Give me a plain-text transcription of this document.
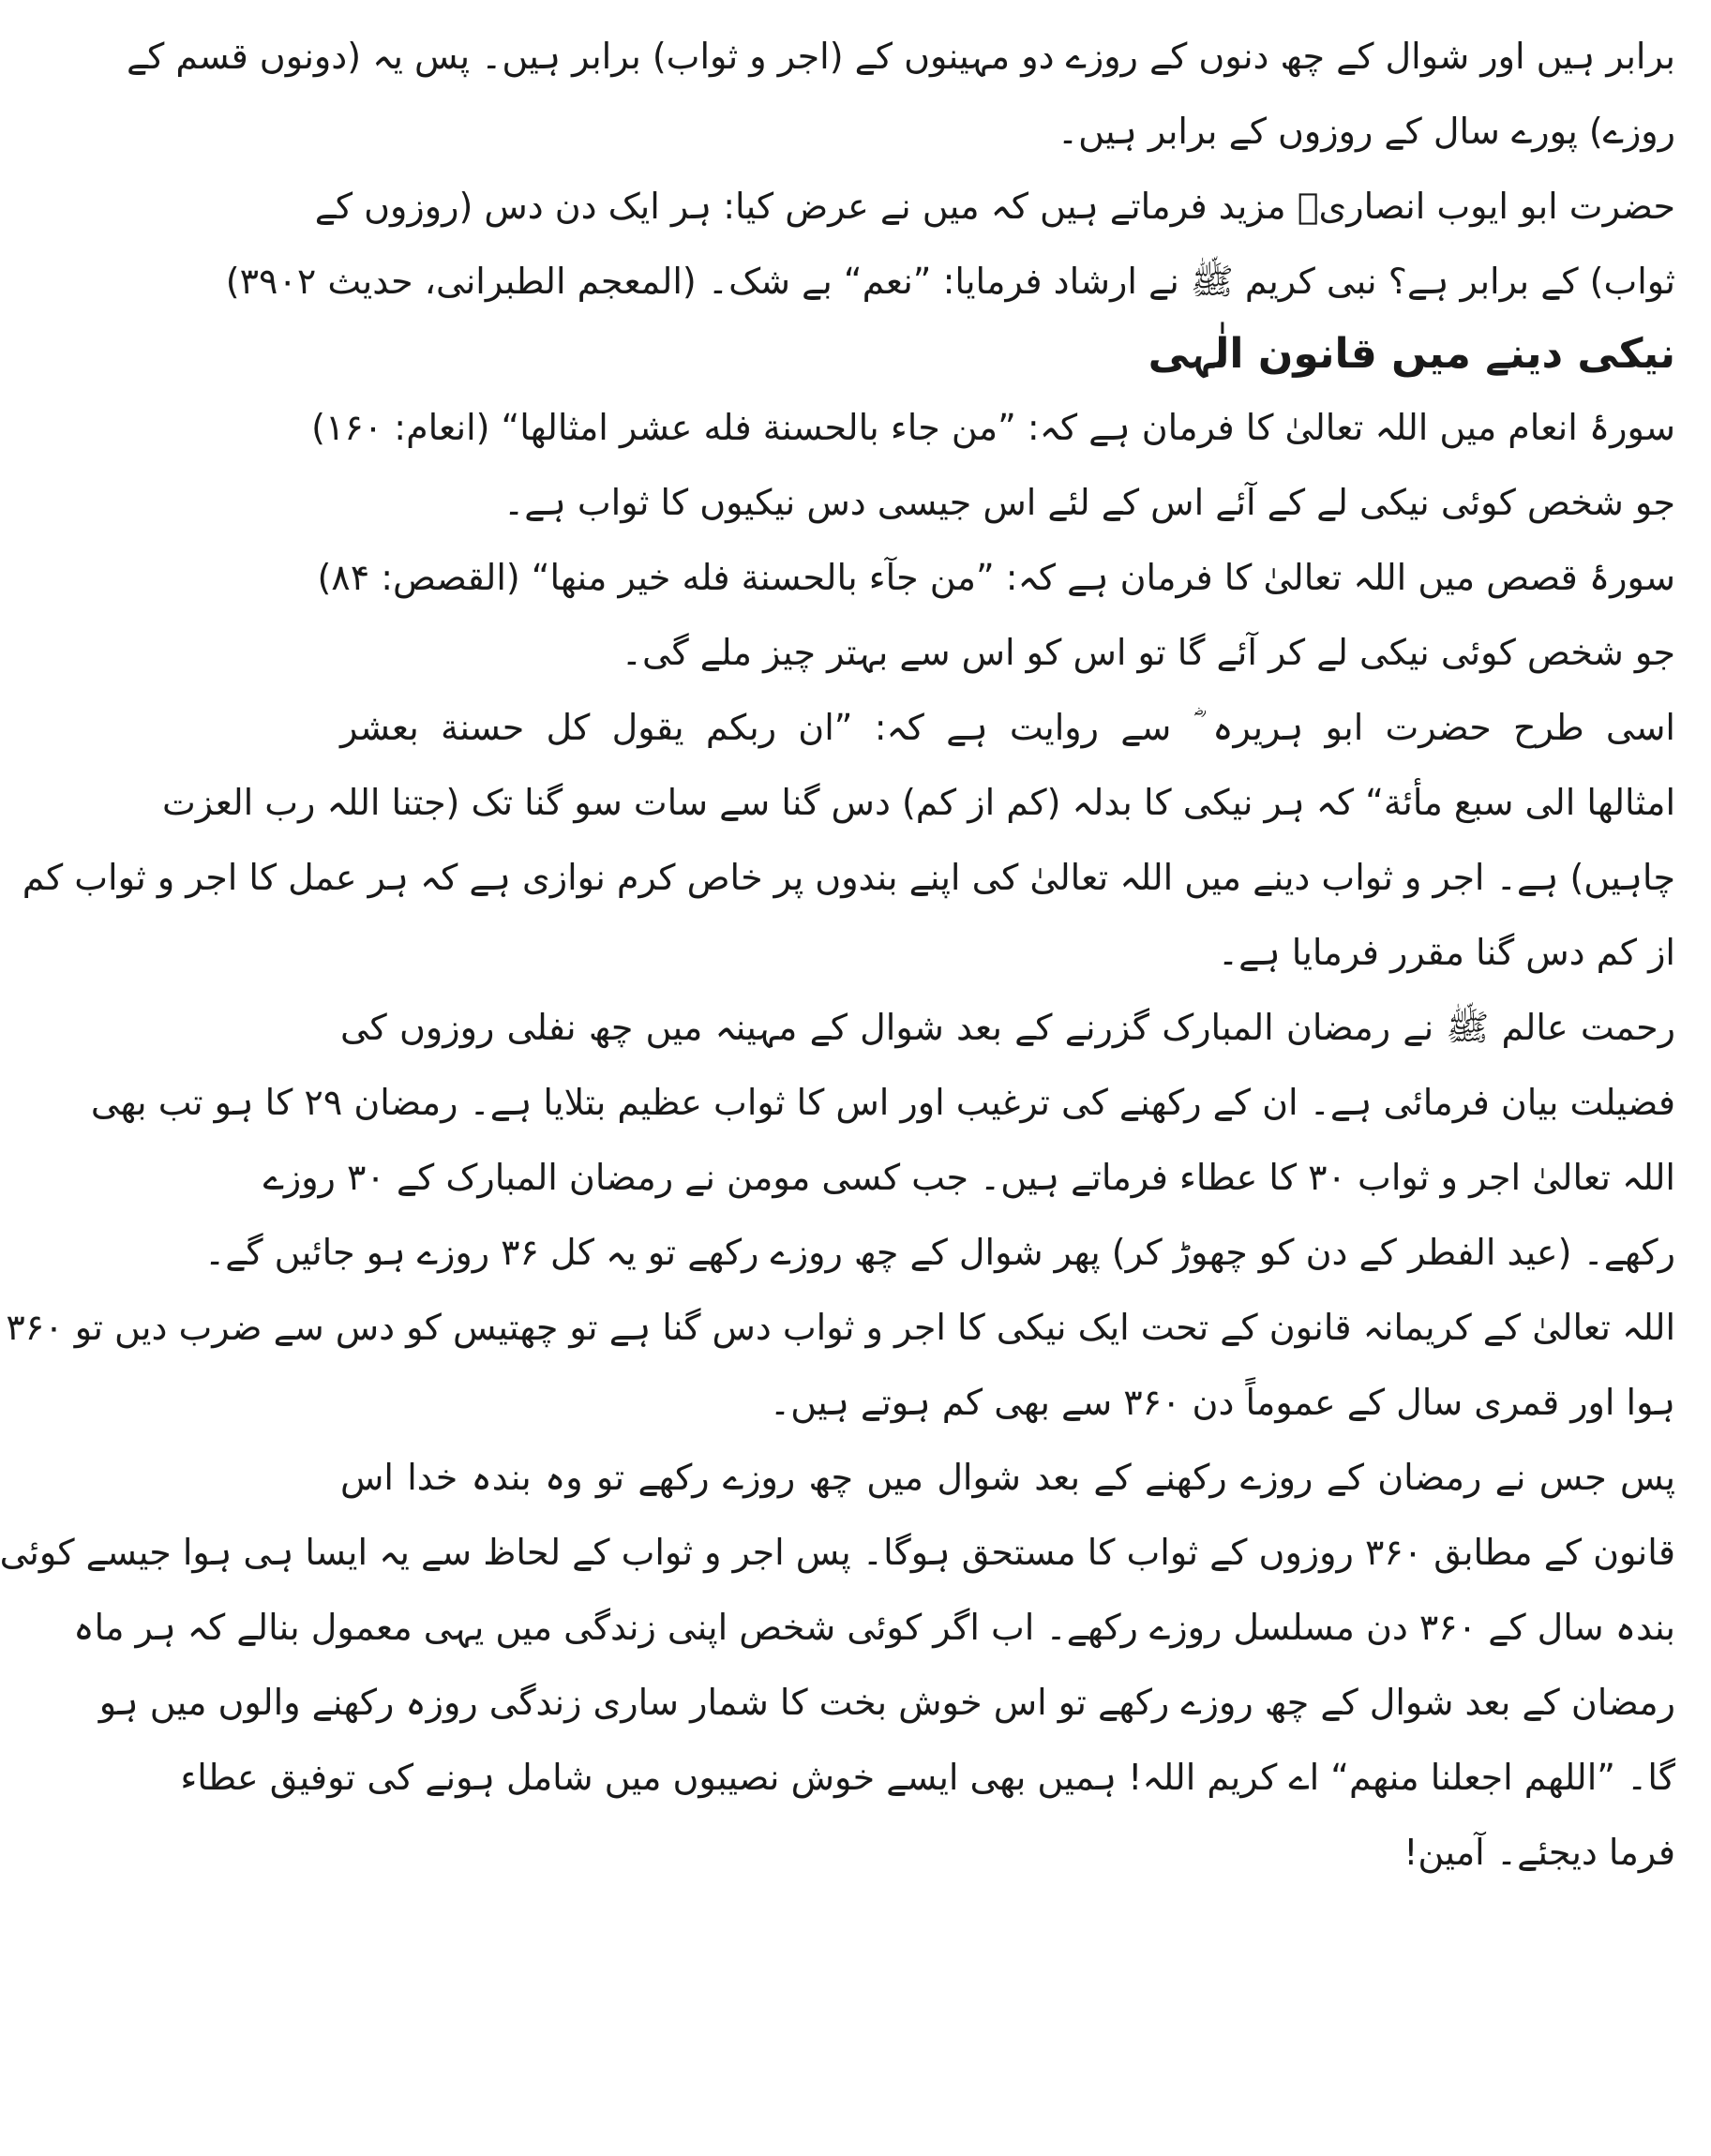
برابر ہیں اور شوال کے چھ دنوں کے روزے دو مہینوں کے (اجر و ثواب) برابر ہیں۔ پس یہ (دونوں قسم کے
روزے) پورے سال کے روزوں کے برابر ہیں۔
حضرت ابو ایوب انصاریؓ مزید فرماتے ہیں کہ میں نے عرض کیا: ہر ایک دن دس (روزوں کے
ثواب) کے برابر ہے؟ نبی کریم ﷺ نے ارشاد فرمایا: ”نعم“ بے شک۔ (المعجم الطبرانی، حدیث ۳۹۰۲)
نیکی دینے میں قانون الٰہی
سورۂ انعام میں اللہ تعالیٰ کا فرمان ہے کہ: ”من جاء بالحسنة فله عشر امثالها“ (انعام: ۱۶۰)
جو شخص کوئی نیکی لے کے آئے اس کے لئے اس جیسی دس نیکیوں کا ثواب ہے۔
سورۂ قصص میں اللہ تعالیٰ کا فرمان ہے کہ: ”من جآء بالحسنة فله خير منها“ (القصص: ۸۴)
جو شخص کوئی نیکی لے کر آئے گا تو اس کو اس سے بہتر چیز ملے گی۔
اسی طرح حضرت ابو ہریرہ ؓ سے روایت ہے کہ: ”ان ربكم يقول كل حسنة بعشر
امثالها الی سبع مأئة“ کہ ہر نیکی کا بدلہ (کم از کم) دس گنا سے سات سو گنا تک (جتنا اللہ رب العزت
چاہیں) ہے۔ اجر و ثواب دینے میں اللہ تعالیٰ کی اپنے بندوں پر خاص کرم نوازی ہے کہ ہر عمل کا اجر و ثواب کم
از کم دس گنا مقرر فرمایا ہے۔
رحمت عالم ﷺ نے رمضان المبارک گزرنے کے بعد شوال کے مہینہ میں چھ نفلی روزوں کی
فضیلت بیان فرمائی ہے۔ ان کے رکھنے کی ترغیب اور اس کا ثواب عظیم بتلایا ہے۔ رمضان ۲۹ کا ہو تب بھی
اللہ تعالیٰ اجر و ثواب ۳۰ کا عطاء فرماتے ہیں۔ جب کسی مومن نے رمضان المبارک کے ۳۰ روزے
رکھے۔ (عید الفطر کے دن کو چھوڑ کر) پھر شوال کے چھ روزے رکھے تو یہ کل ۳۶ روزے ہو جائیں گے۔
اللہ تعالیٰ کے کریمانہ قانون کے تحت ایک نیکی کا اجر و ثواب دس گنا ہے تو چھتیس کو دس سے ضرب دیں تو ۳۶۰
ہوا اور قمری سال کے عموماً دن ۳۶۰ سے بھی کم ہوتے ہیں۔
پس جس نے رمضان کے روزے رکھنے کے بعد شوال میں چھ روزے رکھے تو وہ بندہ خدا اس
قانون کے مطابق ۳۶۰ روزوں کے ثواب کا مستحق ہوگا۔ پس اجر و ثواب کے لحاظ سے یہ ایسا ہی ہوا جیسے کوئی
بندہ سال کے ۳۶۰ دن مسلسل روزے رکھے۔ اب اگر کوئی شخص اپنی زندگی میں یہی معمول بنالے کہ ہر ماہ
رمضان کے بعد شوال کے چھ روزے رکھے تو اس خوش بخت کا شمار ساری زندگی روزہ رکھنے والوں میں ہو
گا۔ ”اللهم اجعلنا منهم“ اے کریم اللہ! ہمیں بھی ایسے خوش نصیبوں میں شامل ہونے کی توفیق عطاء
فرما دیجئے۔ آمین!
